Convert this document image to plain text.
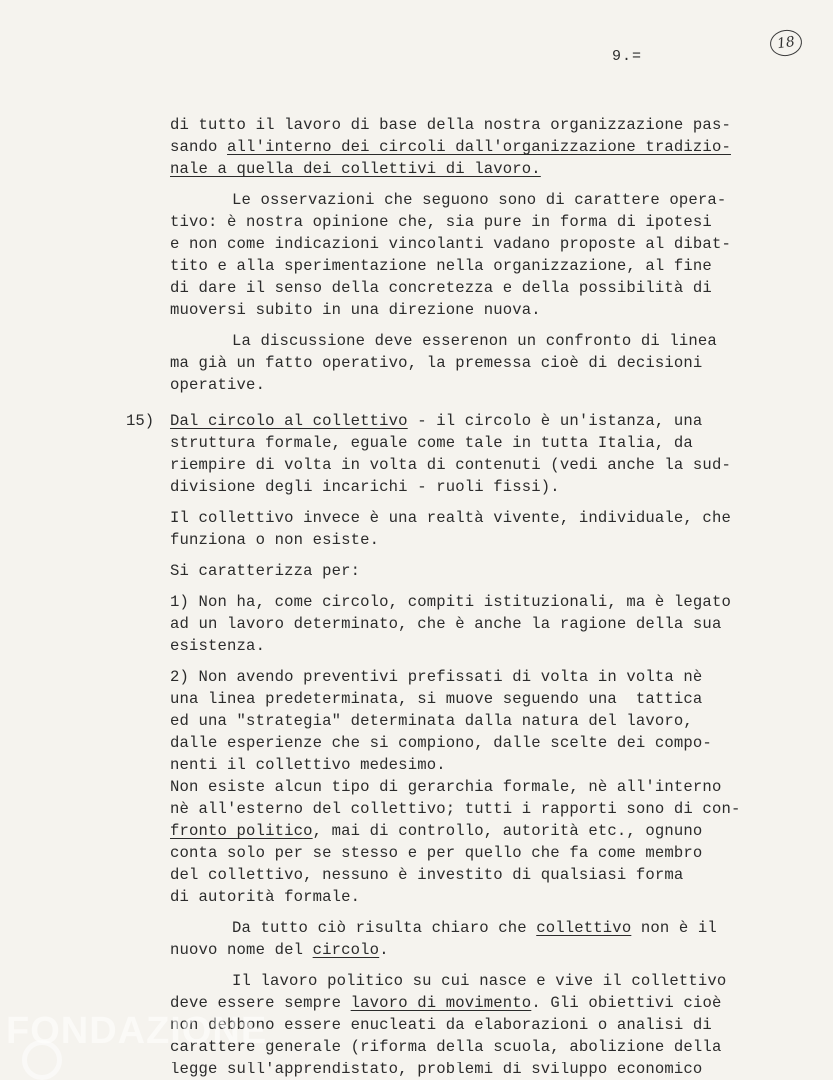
18
9.=
di tutto il lavoro di base della nostra organizzazione pas-
sando all'interno dei circoli dall'organizzazione tradizio-
nale a quella dei collettivi di lavoro.
Le osservazioni che seguono sono di carattere opera-
tivo: è nostra opinione che, sia pure in forma di ipotesi
e non come indicazioni vincolanti vadano proposte al dibat-
tito e alla sperimentazione nella organizzazione, al fine
di dare il senso della concretezza e della possibilità di
muoversi subito in una direzione nuova.
La discussione deve esserenon un confronto di linea
ma già un fatto operativo, la premessa cioè di decisioni
operative.
15) Dal circolo al collettivo - il circolo è un'istanza, una
struttura formale, eguale come tale in tutta Italia, da
riempire di volta in volta di contenuti (vedi anche la sud-
divisione degli incarichi - ruoli fissi).
Il collettivo invece è una realtà vivente, individuale, che
funziona o non esiste.
Si caratterizza per:
1) Non ha, come circolo, compiti istituzionali, ma è legato
ad un lavoro determinato, che è anche la ragione della sua
esistenza.
2) Non avendo preventivi prefissati di volta in volta nè
una linea predeterminata, si muove seguendo una  tattica
ed una "strategia" determinata dalla natura del lavoro,
dalle esperienze che si compiono, dalle scelte dei compo-
nenti il collettivo medesimo.
Non esiste alcun tipo di gerarchia formale, nè all'interno
nè all'esterno del collettivo; tutti i rapporti sono di con-
fronto politico, mai di controllo, autorità etc., ognuno
conta solo per se stesso e per quello che fa come membro
del collettivo, nessuno è investito di qualsiasi forma
di autorità formale.
Da tutto ciò risulta chiaro che collettivo non è il
nuovo nome del circolo.
Il lavoro politico su cui nasce e vive il collettivo
deve essere sempre lavoro di movimento. Gli obiettivi cioè
non debbono essere enucleati da elaborazioni o analisi di
carattere generale (riforma della scuola, abolizione della
legge sull'apprendistato, problemi di sviluppo economico
FONDAZIONE
